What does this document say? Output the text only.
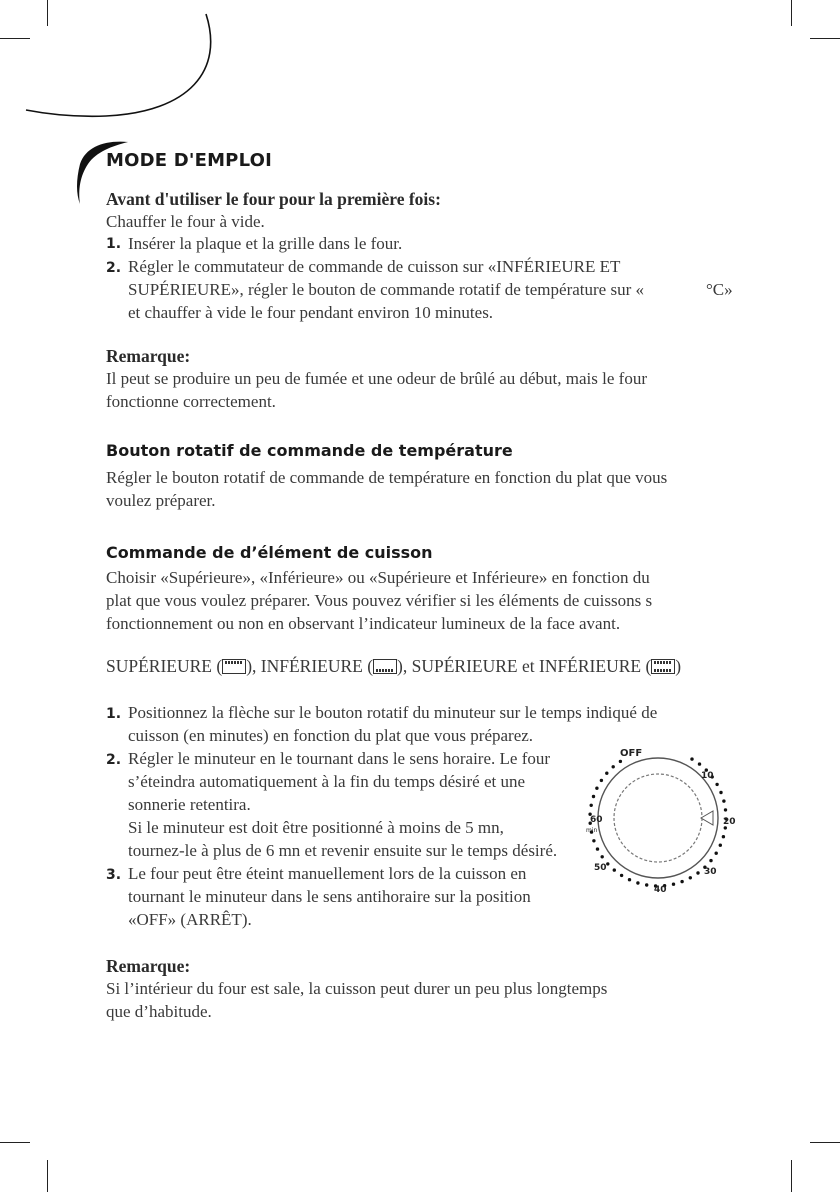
MODE D'EMPLOI
Avant d'utiliser le four pour la première fois:
Chauffer le four à vide.
1. Insérer la plaque et la grille dans le four.
2. Régler le commutateur de commande de cuisson sur «INFÉRIEURE ET
SUPÉRIEURE», régler le bouton de commande rotatif de température sur «	°C»
et chauffer à vide le four pendant environ 10 minutes.
Remarque:
Il peut se produire un peu de fumée et une odeur de brûlé au début, mais le four
fonctionne correctement.
Bouton rotatif de commande de température
Régler le bouton rotatif de commande de température en fonction du plat que vous
voulez préparer.
Commande de d’élément de cuisson
Choisir «Supérieure», «Inférieure» ou «Supérieure et Inférieure» en fonction du
plat que vous voulez préparer. Vous pouvez vérifier si les éléments de cuissons s
fonctionnement ou non en observant l’indicateur lumineux de la face avant.
SUPÉRIEURE ( ), INFÉRIEURE ( ), SUPÉRIEURE et INFÉRIEURE ( )
1. Positionnez la flèche sur le bouton rotatif du minuteur sur le temps indiqué de
cuisson (en minutes) en fonction du plat que vous préparez.
2. Régler le minuteur en le tournant dans le sens horaire. Le four
s’éteindra automatiquement à la fin du temps désiré et une
sonnerie retentira.
Si le minuteur est doit être positionné à moins de 5 mn,
tournez-le à plus de 6 mn et revenir ensuite sur le temps désiré.
3. Le four peut être éteint manuellement lors de la cuisson en
tournant le minuteur dans le sens antihoraire sur la position
«OFF» (ARRÊT).
OFF
10
20
30
40
50
60
min
Remarque:
Si l’intérieur du four est sale, la cuisson peut durer un peu plus longtemps
que d’habitude.
